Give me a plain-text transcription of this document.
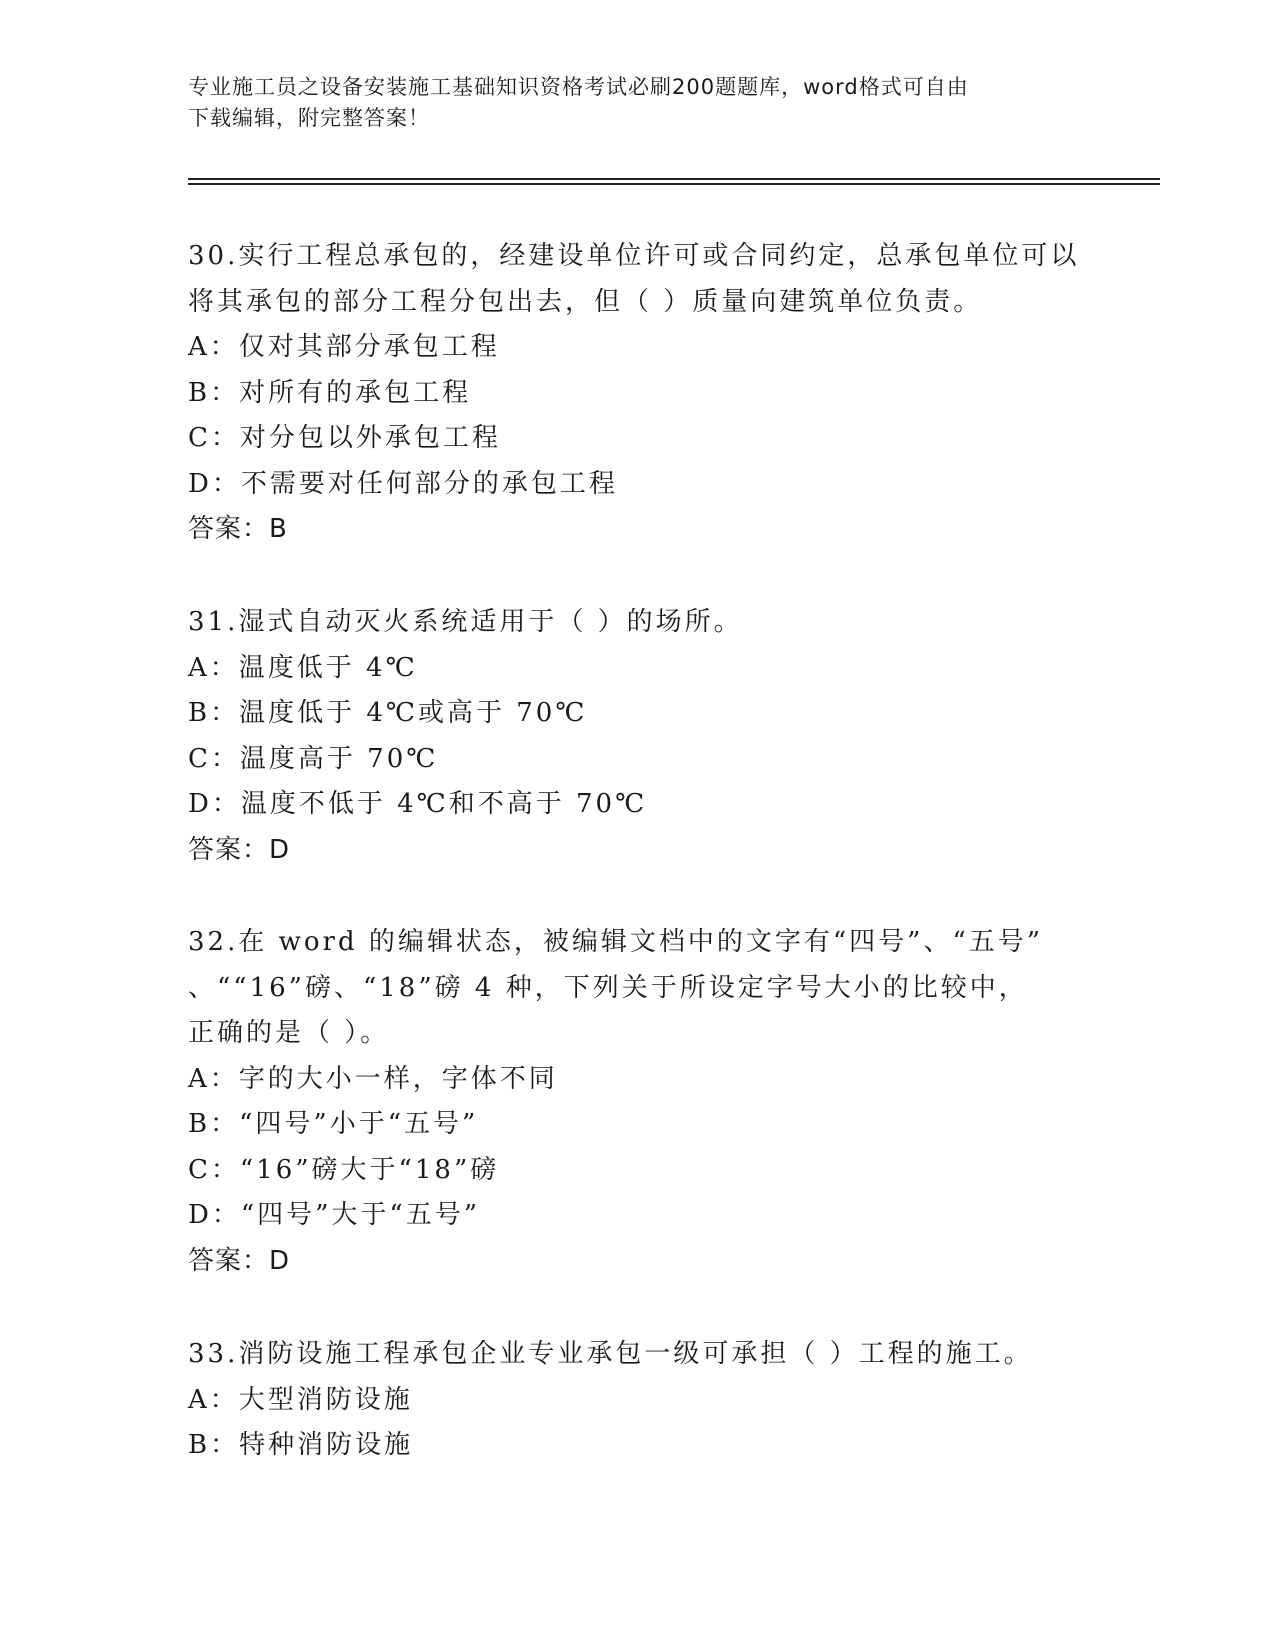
专业施工员之设备安装施工基础知识资格考试必刷200题题库，word格式可自由
下载编辑，附完整答案！
30.实行工程总承包的，经建设单位许可或合同约定，总承包单位可以
将其承包的部分工程分包出去，但（ ）质量向建筑单位负责。
A：仅对其部分承包工程
B：对所有的承包工程
C：对分包以外承包工程
D：不需要对任何部分的承包工程
答案：B
31.湿式自动灭火系统适用于（ ）的场所。
A：温度低于 4℃
B：温度低于 4℃或高于 70℃
C：温度高于 70℃
D：温度不低于 4℃和不高于 70℃
答案：D
32.在 word 的编辑状态，被编辑文档中的文字有“四号”、“五号”
、““16”磅、“18”磅 4 种，下列关于所设定字号大小的比较中，
正确的是（ ）。
A：字的大小一样，字体不同
B：“四号”小于“五号”
C：“16”磅大于“18”磅
D：“四号”大于“五号”
答案：D
33.消防设施工程承包企业专业承包一级可承担（ ）工程的施工。
A：大型消防设施
B：特种消防设施
